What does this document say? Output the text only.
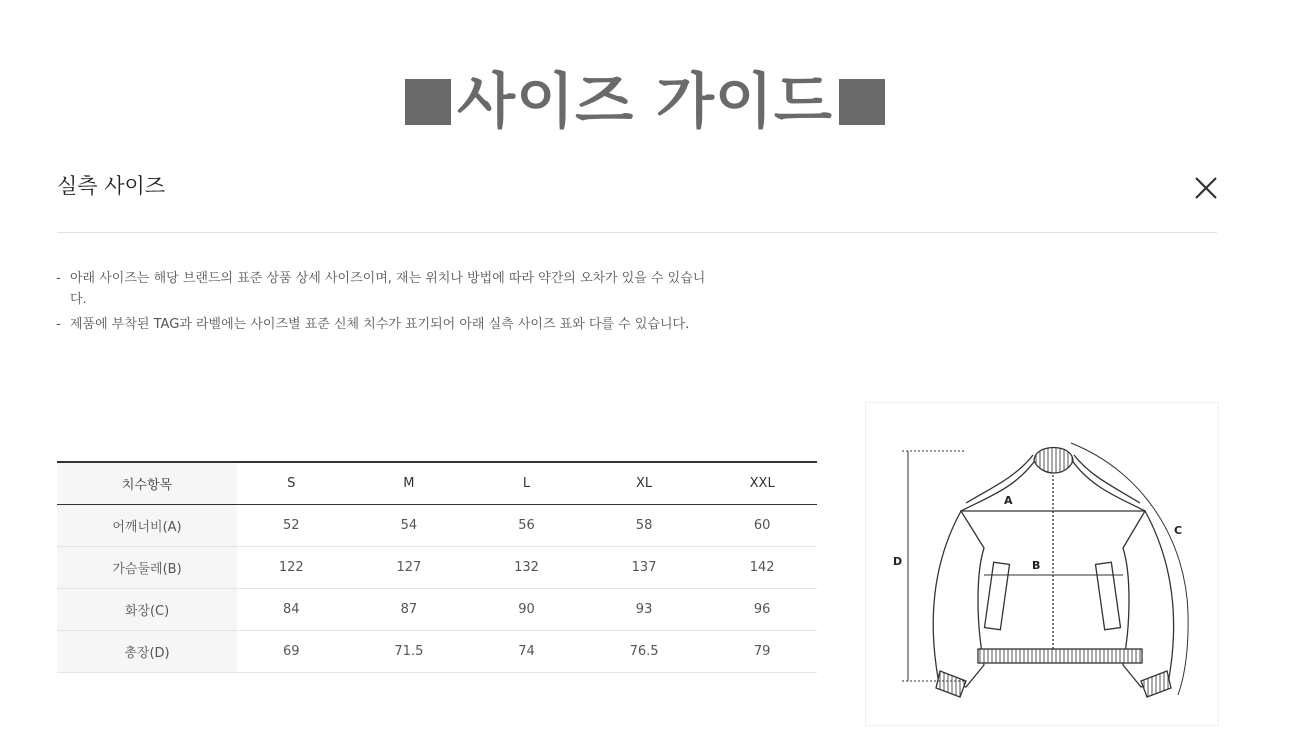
사이즈 가이드
실측 사이즈
- 아래 사이즈는 해당 브랜드의 표준 상품 상세 사이즈이며, 재는 위치나 방법에 따라 약간의 오차가 있을 수 있습니다.
- 제품에 부착된 TAG과 라벨에는 사이즈별 표준 신체 치수가 표기되어 아래 실측 사이즈 표와 다를 수 있습니다.
치수항목	S	M	L	XL	XXL
어깨너비(A)	52	54	56	58	60
가슴둘레(B)	122	127	132	137	142
화장(C)	84	87	90	93	96
총장(D)	69	71.5	74	76.5	79
A
B
C
D
